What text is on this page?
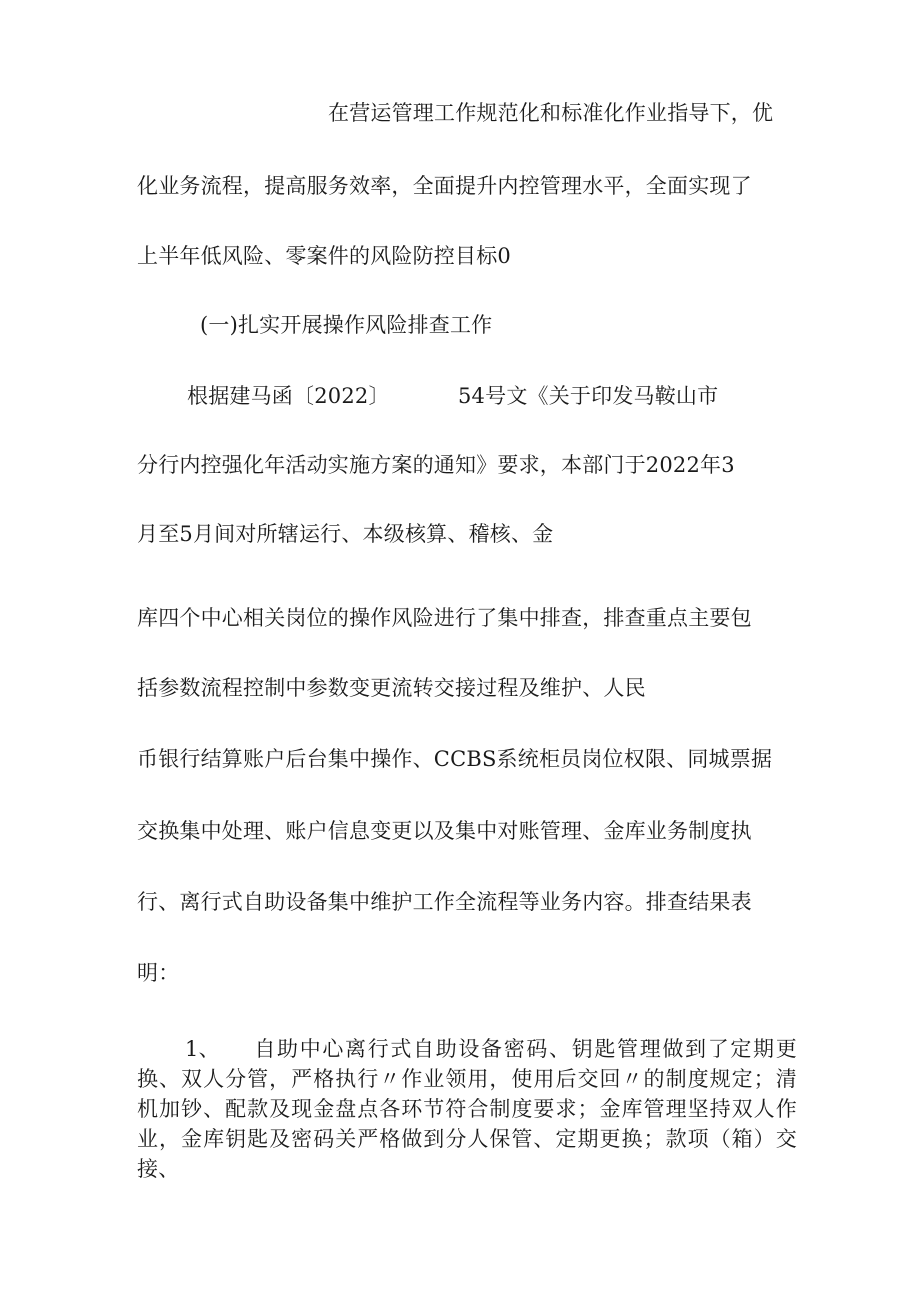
在营运管理工作规范化和标准化作业指导下，优
化业务流程，提高服务效率，全面提升内控管理水平，全面实现了
上半年低风险、零案件的风险防控目标0
(一)扎实开展操作风险排查工作
根据建马函〔2022〕	54号文《关于印发马鞍山市
分行内控强化年活动实施方案的通知》要求，本部门于2022年3
月至5月间对所辖运行、本级核算、稽核、金
库四个中心相关岗位的操作风险进行了集中排查，排查重点主要包
括参数流程控制中参数变更流转交接过程及维护、人民
币银行结算账户后台集中操作、CCBS系统柜员岗位权限、同城票据
交换集中处理、账户信息变更以及集中对账管理、金库业务制度执
行、离行式自助设备集中维护工作全流程等业务内容。排查结果表
明：
1、 自助中心离行式自助设备密码、钥匙管理做到了定期更换、双人分管，严格执行〃作业领用，使用后交回〃的制度规定；清机加钞、配款及现金盘点各环节符合制度要求；金库管理坚持双人作业，金库钥匙及密码关严格做到分人保管、定期更换；款项（箱）交接、
